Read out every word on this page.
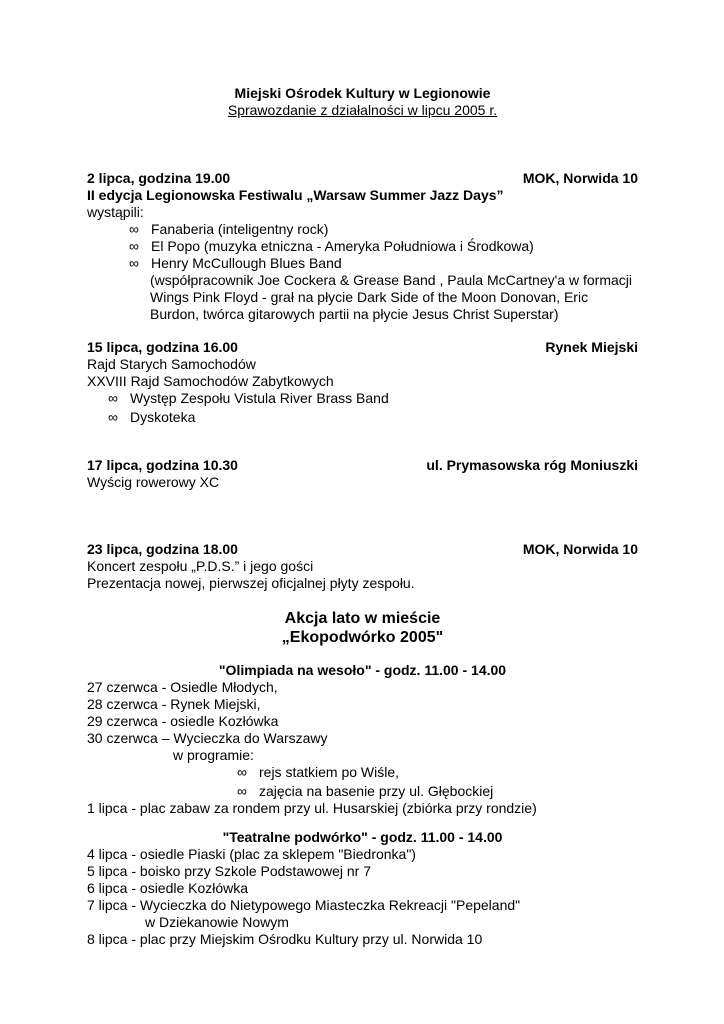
Miejski Ośrodek Kultury w Legionowie
Sprawozdanie z działalności w lipcu 2005 r.
2 lipca, godzina 19.00	MOK, Norwida 10
II edycja Legionowska Festiwalu „Warsaw Summer Jazz Days”
wystąpili:
∞ Fanaberia (inteligentny rock)
∞ El Popo (muzyka etniczna - Ameryka Południowa i Środkowa)
∞ Henry McCullough Blues Band
(współpracownik Joe Cockera & Grease Band , Paula McCartney'a w formacji Wings Pink Floyd - grał na płycie Dark Side of the Moon Donovan, Eric Burdon, twórca gitarowych partii na płycie Jesus Christ Superstar)
15 lipca, godzina 16.00	Rynek Miejski
Rajd Starych Samochodów
XXVIII Rajd Samochodów Zabytkowych
∞ Występ Zespołu Vistula River Brass Band
∞ Dyskoteka
17 lipca, godzina 10.30	ul. Prymasowska róg Moniuszki
Wyścig rowerowy XC
23 lipca, godzina 18.00	MOK, Norwida 10
Koncert zespołu „P.D.S.” i jego gości
Prezentacja nowej, pierwszej oficjalnej płyty zespołu.
Akcja lato w mieście
„Ekopodwórko 2005"
"Olimpiada na wesoło" - godz. 11.00 - 14.00
27 czerwca - Osiedle Młodych,
28 czerwca - Rynek Miejski,
29 czerwca - osiedle Kozłówka
30 czerwca – Wycieczka do Warszawy
w programie:
∞ rejs statkiem po Wiśle,
∞ zajęcia na basenie przy ul. Głębockiej
1 lipca - plac zabaw za rondem przy ul. Husarskiej (zbiórka przy rondzie)
"Teatralne podwórko" - godz. 11.00 - 14.00
4 lipca - osiedle Piaski (plac za sklepem "Biedronka")
5 lipca - boisko przy Szkole Podstawowej nr 7
6 lipca - osiedle Kozłówka
7 lipca - Wycieczka do Nietypowego Miasteczka Rekreacji "Pepeland"
w Dziekanowie Nowym
8 lipca - plac przy Miejskim Ośrodku Kultury przy ul. Norwida 10
